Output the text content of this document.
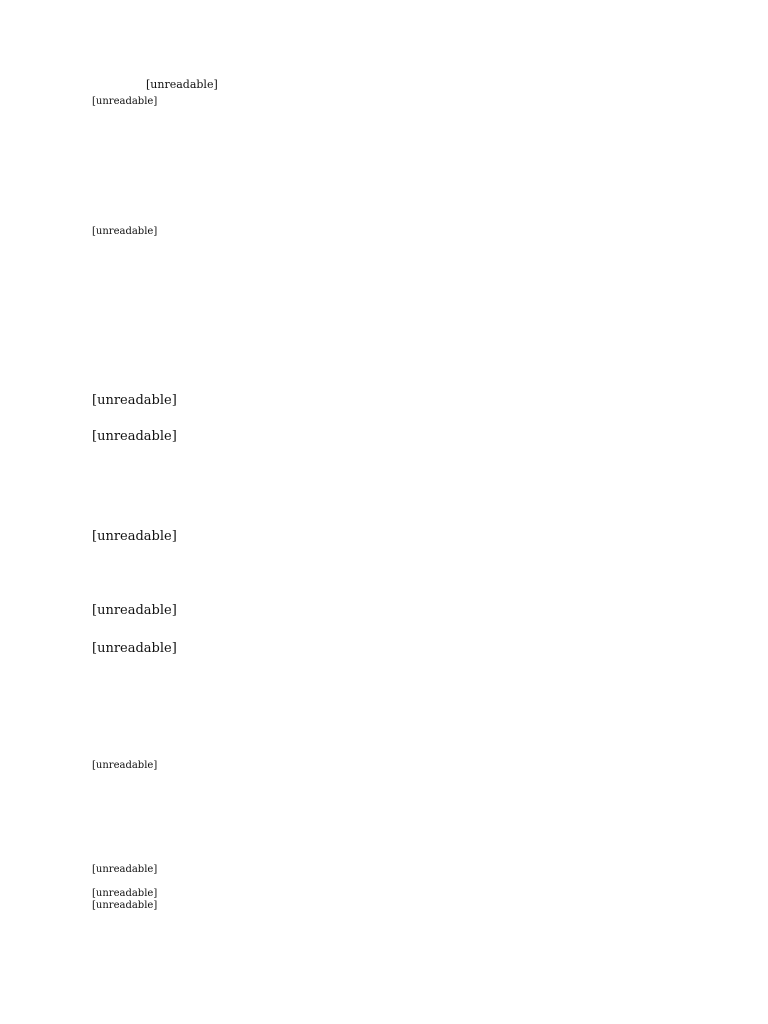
[unreadable]

[unreadable]

[unreadable]

[unreadable]

[unreadable]

[unreadable]

[unreadable]

[unreadable]

[unreadable]

[unreadable]

[unreadable]

[unreadable]
